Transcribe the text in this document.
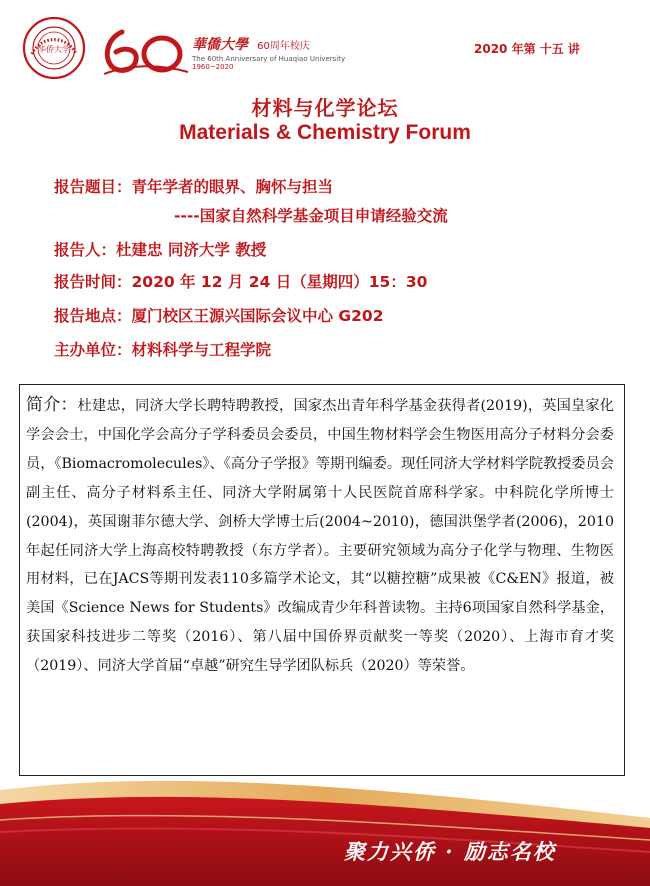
华侨大学	華僑大學 60周年校庆
The 60th Anniversary of Huaqiao University
1960~2020
2020 年第 十五 讲
材料与化学论坛
Materials & Chemistry Forum
报告题目：青年学者的眼界、胸怀与担当
----国家自然科学基金项目申请经验交流
报告人：杜建忠 同济大学 教授
报告时间：2020 年 12 月 24 日（星期四）15：30
报告地点：厦门校区王源兴国际会议中心 G202
主办单位：材料科学与工程学院

简介：杜建忠，同济大学长聘特聘教授，国家杰出青年科学基金获得者(2019)，英国皇家化学会会士，中国化学会高分子学科委员会委员，中国生物材料学会生物医用高分子材料分会委员，《Biomacromolecules》、《高分子学报》等期刊编委。现任同济大学材料学院教授委员会副主任、高分子材料系主任、同济大学附属第十人民医院首席科学家。中科院化学所博士(2004)，英国谢菲尔德大学、剑桥大学博士后(2004~2010)，德国洪堡学者(2006)，2010年起任同济大学上海高校特聘教授（东方学者）。主要研究领域为高分子化学与物理、生物医用材料，已在JACS等期刊发表110多篇学术论文，其“以糖控糖”成果被《C&EN》报道，被美国《Science News for Students》改编成青少年科普读物。主持6项国家自然科学基金，获国家科技进步二等奖（2016）、第八届中国侨界贡献奖一等奖（2020）、上海市育才奖（2019）、同济大学首届“卓越”研究生导学团队标兵（2020）等荣誉。

聚力兴侨 · 励志名校
